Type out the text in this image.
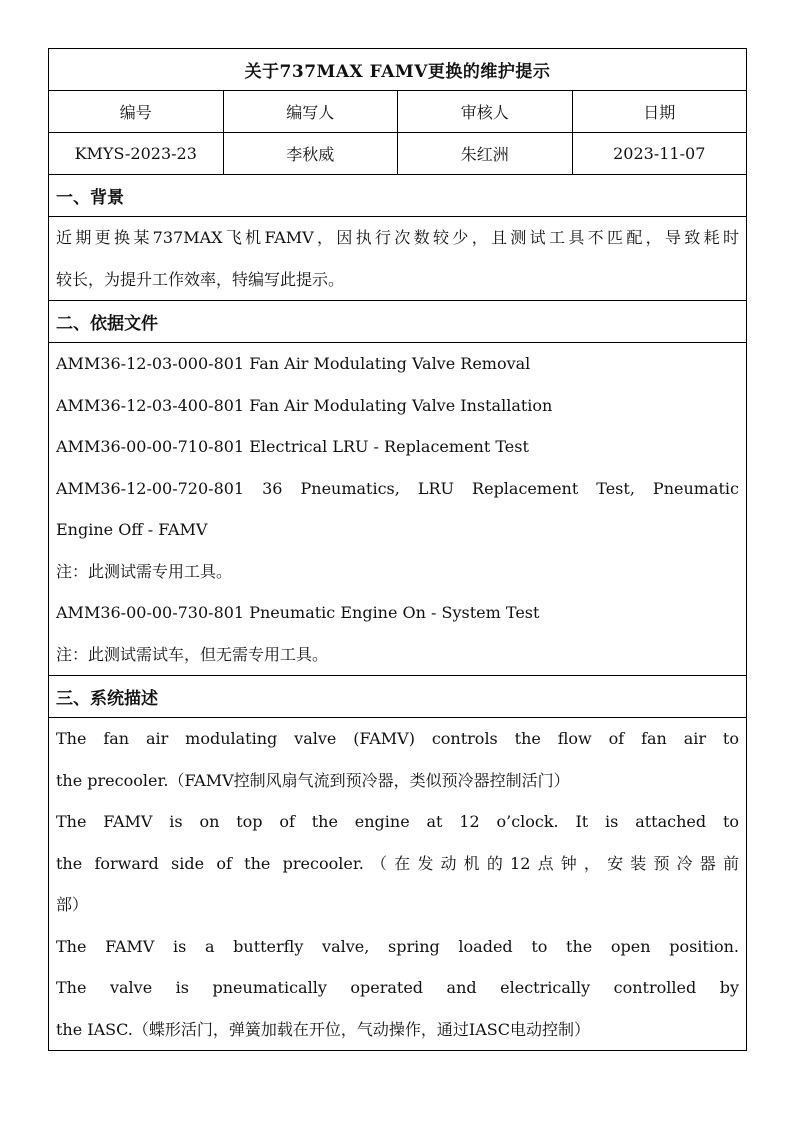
关于737MAX FAMV更换的维护提示
编号	编写人	审核人	日期
KMYS-2023-23	李秋威	朱红洲	2023-11-07
一、背景
近期更换某737MAX飞机FAMV，因执行次数较少，且测试工具不匹配，导致耗时
较长，为提升工作效率，特编写此提示。
二、依据文件
AMM36-12-03-000-801 Fan Air Modulating Valve Removal
AMM36-12-03-400-801 Fan Air Modulating Valve Installation
AMM36-00-00-710-801 Electrical LRU - Replacement Test
AMM36-12-00-720-801 36 Pneumatics, LRU Replacement Test, Pneumatic
Engine Off - FAMV
注：此测试需专用工具。
AMM36-00-00-730-801 Pneumatic Engine On - System Test
注：此测试需试车，但无需专用工具。
三、系统描述
The fan air modulating valve (FAMV) controls the flow of fan air to
the precooler.（FAMV控制风扇气流到预冷器，类似预冷器控制活门）
The FAMV is on top of the engine at 12 o’clock. It is attached to
the forward side of the precooler.（在发动机的12点钟，安装预冷器前
部）
The FAMV is a butterfly valve, spring loaded to the open position.
The valve is pneumatically operated and electrically controlled by
the IASC.（蝶形活门，弹簧加载在开位，气动操作，通过IASC电动控制）
